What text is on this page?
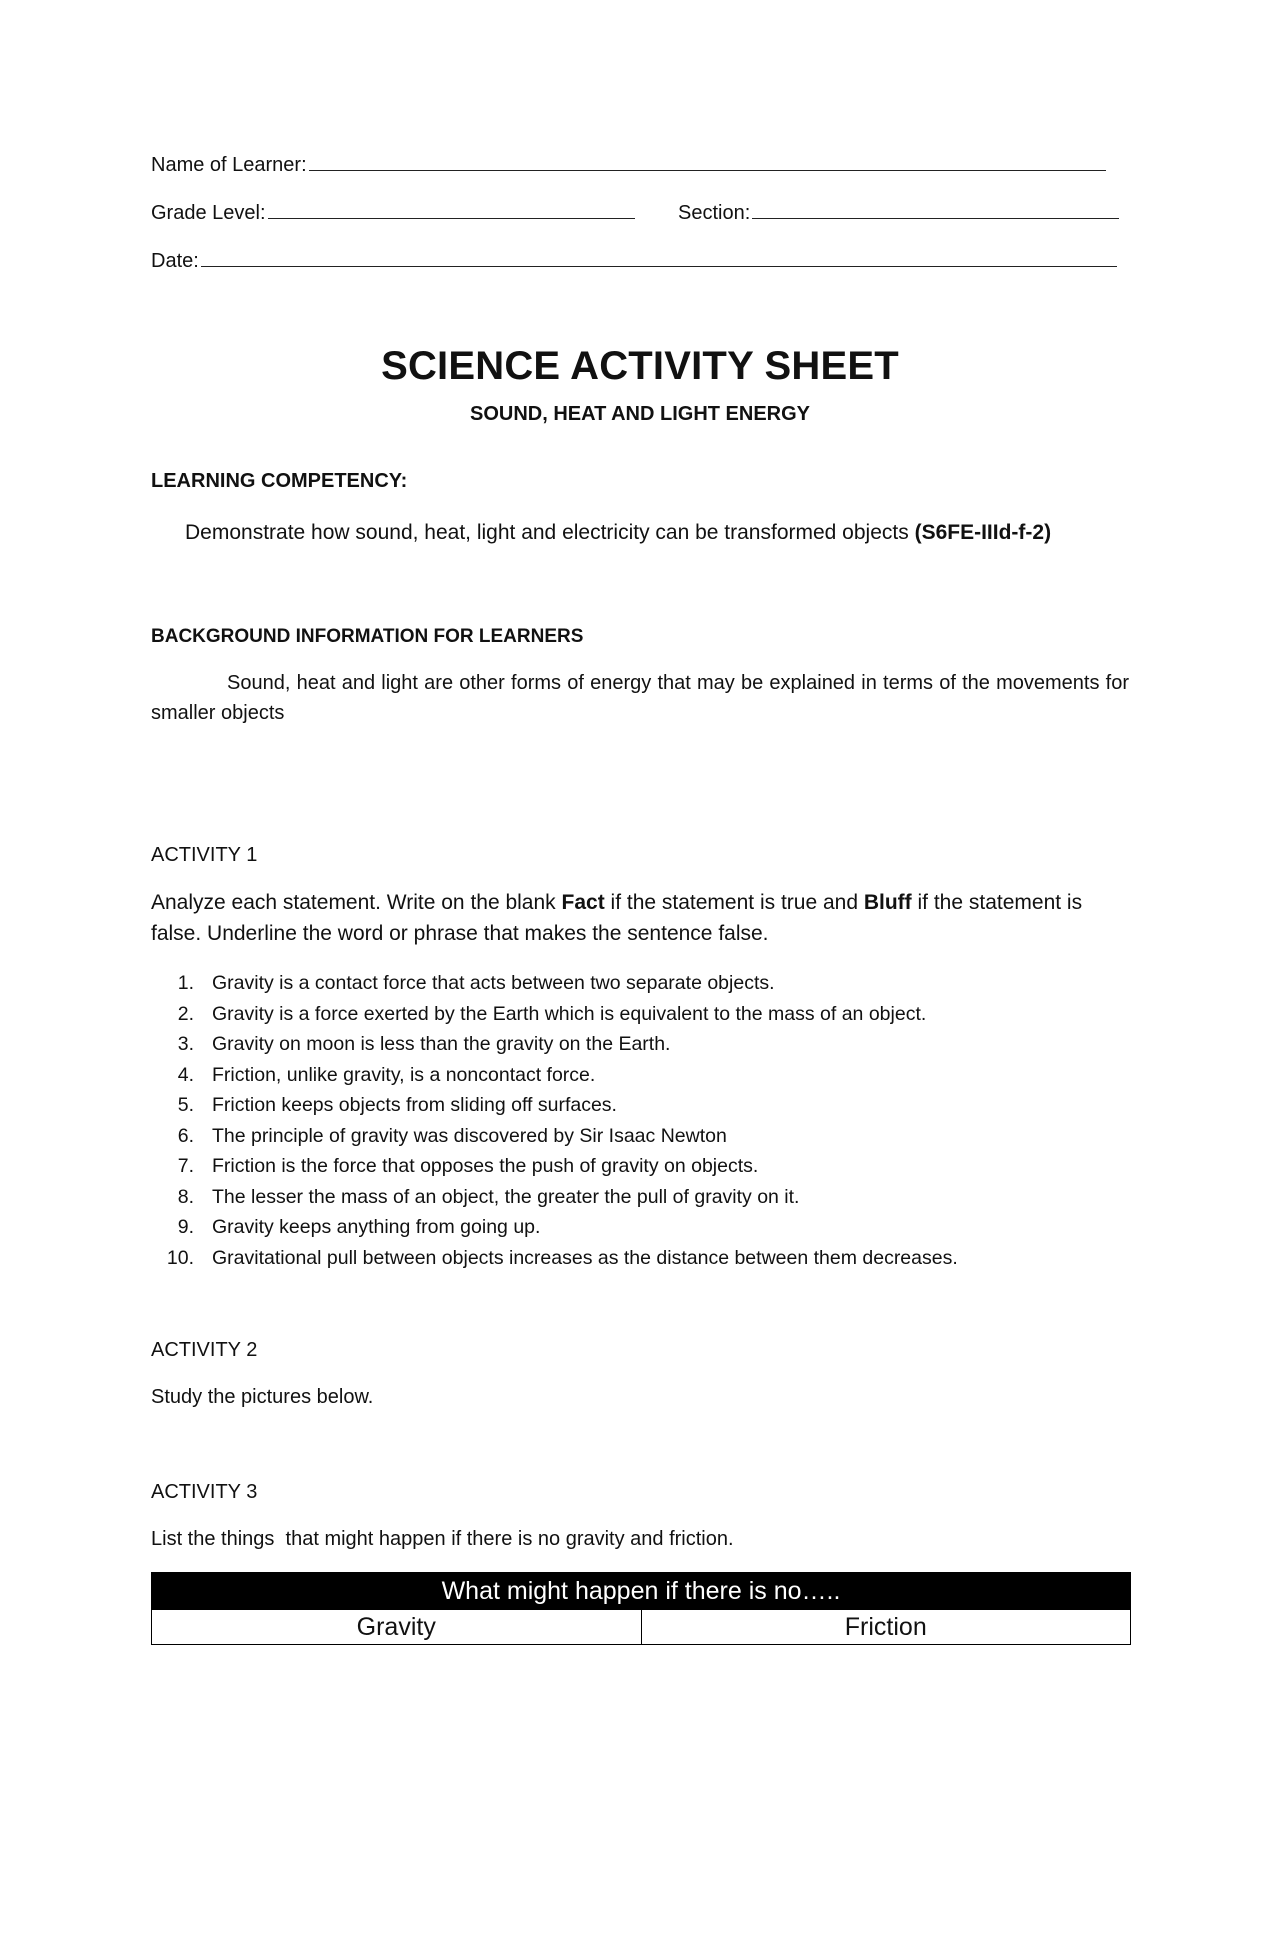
Name of Learner:
Grade Level:	Section:
Date:
SCIENCE ACTIVITY SHEET
SOUND, HEAT AND LIGHT ENERGY
LEARNING COMPETENCY:
Demonstrate how sound, heat, light and electricity can be transformed objects (S6FE-IIId-f-2)
BACKGROUND INFORMATION FOR LEARNERS
Sound, heat and light are other forms of energy that may be explained in terms of the movements for smaller objects
ACTIVITY 1
Analyze each statement. Write on the blank Fact if the statement is true and Bluff if the statement is false. Underline the word or phrase that makes the sentence false.
1. Gravity is a contact force that acts between two separate objects.
2. Gravity is a force exerted by the Earth which is equivalent to the mass of an object.
3. Gravity on moon is less than the gravity on the Earth.
4. Friction, unlike gravity, is a noncontact force.
5. Friction keeps objects from sliding off surfaces.
6. The principle of gravity was discovered by Sir Isaac Newton
7. Friction is the force that opposes the push of gravity on objects.
8. The lesser the mass of an object, the greater the pull of gravity on it.
9. Gravity keeps anything from going up.
10. Gravitational pull between objects increases as the distance between them decreases.
ACTIVITY 2
Study the pictures below.
ACTIVITY 3
List the things  that might happen if there is no gravity and friction.
What might happen if there is no…..
Gravity	Friction
